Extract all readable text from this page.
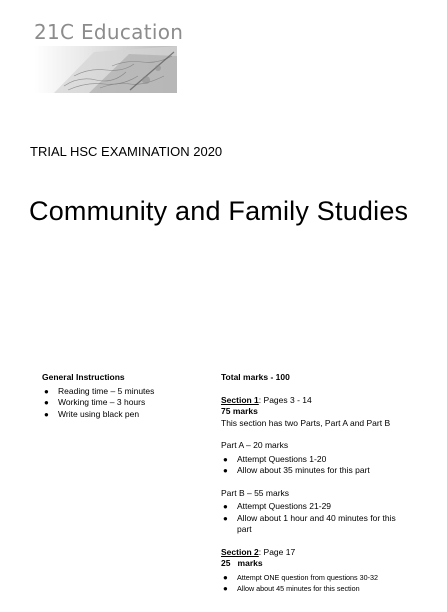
21C Education
TRIAL HSC EXAMINATION 2020
Community and Family Studies
General Instructions
● Reading time – 5 minutes
● Working time – 3 hours
● Write using black pen
Total marks - 100
Section 1: Pages 3 - 14
75 marks
This section has two Parts, Part A and Part B
Part A – 20 marks
● Attempt Questions 1-20
● Allow about 35 minutes for this part
Part B – 55 marks
● Attempt Questions 21-29
● Allow about 1 hour and 40 minutes for this part
Section 2: Page 17
25   marks
● Attempt ONE question from questions 30-32
● Allow about 45 minutes for this section
